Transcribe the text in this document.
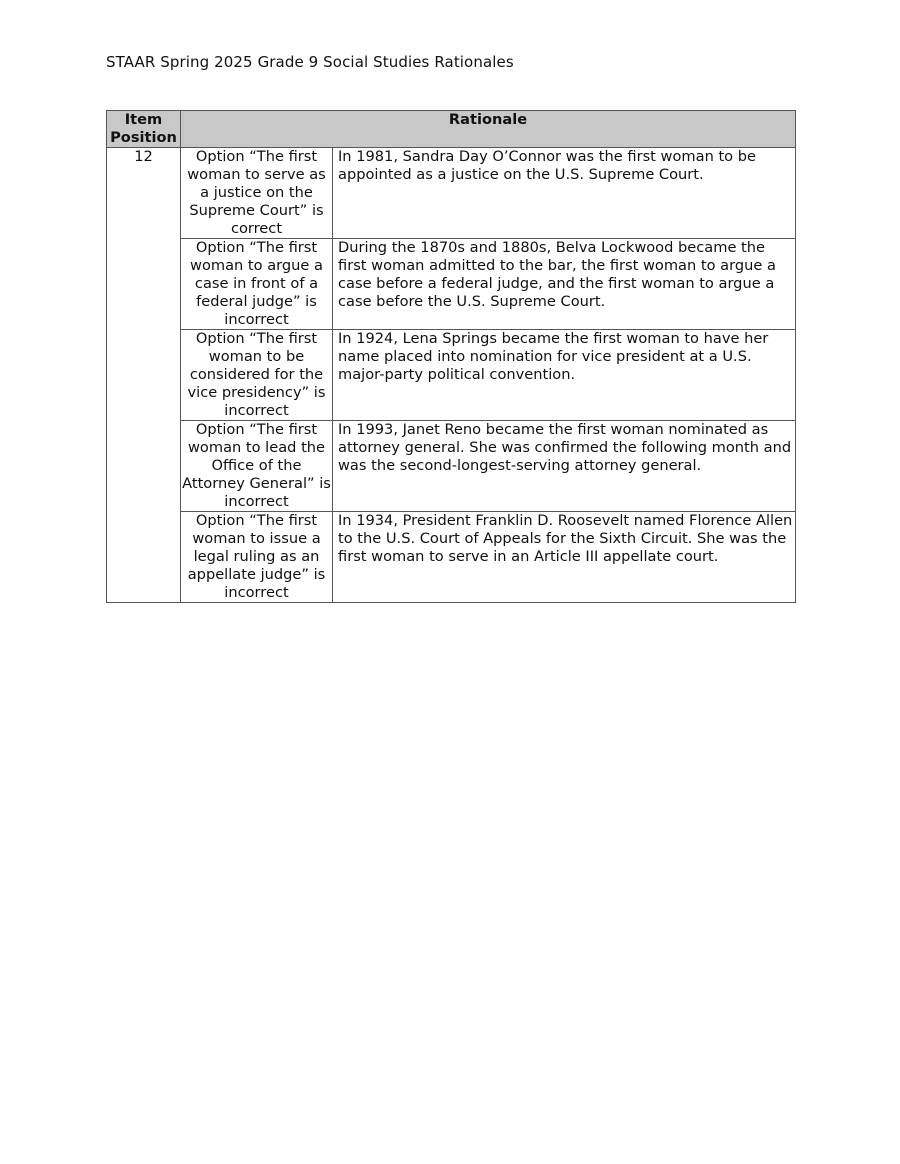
STAAR Spring 2025 Grade 9 Social Studies Rationales
Item Position	Rationale	
12	Option “The first woman to serve as a justice on the Supreme Court” is correct	In 1981, Sandra Day O’Connor was the first woman to be appointed as a justice on the U.S. Supreme Court.
	Option “The first woman to argue a case in front of a federal judge” is incorrect	During the 1870s and 1880s, Belva Lockwood became the first woman admitted to the bar, the first woman to argue a case before a federal judge, and the first woman to argue a case before the U.S. Supreme Court.
	Option “The first woman to be considered for the vice presidency” is incorrect	In 1924, Lena Springs became the first woman to have her name placed into nomination for vice president at a U.S. major-party political convention.
	Option “The first woman to lead the Office of the Attorney General” is incorrect	In 1993, Janet Reno became the first woman nominated as attorney general. She was confirmed the following month and was the second-longest-serving attorney general.
	Option “The first woman to issue a legal ruling as an appellate judge” is incorrect	In 1934, President Franklin D. Roosevelt named Florence Allen to the U.S. Court of Appeals for the Sixth Circuit. She was the first woman to serve in an Article III appellate court.
